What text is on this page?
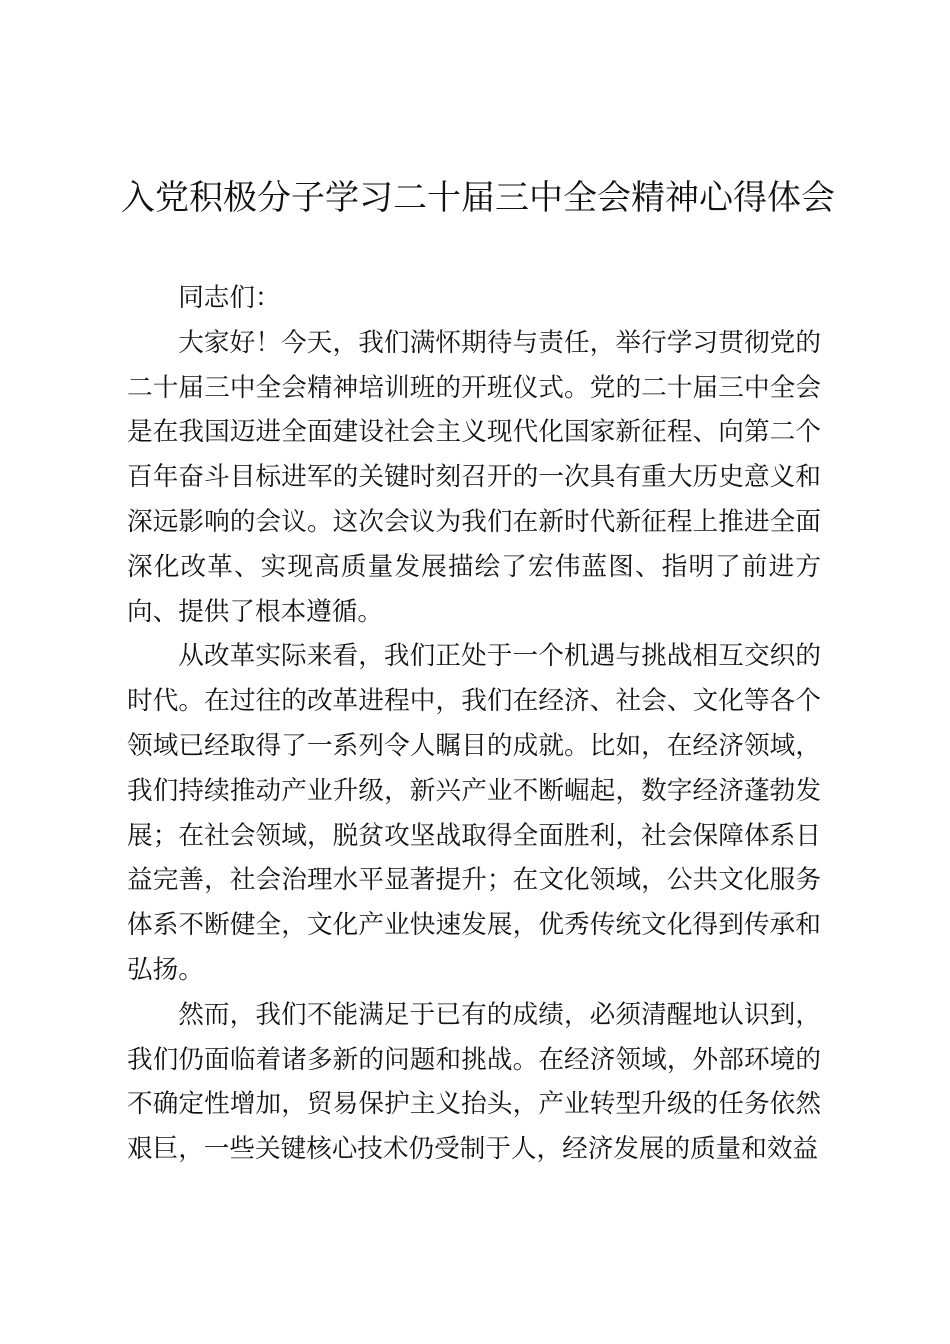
入党积极分子学习二十届三中全会精神心得体会

同志们：

大家好！今天，我们满怀期待与责任，举行学习贯彻党的二十届三中全会精神培训班的开班仪式。党的二十届三中全会是在我国迈进全面建设社会主义现代化国家新征程、向第二个百年奋斗目标进军的关键时刻召开的一次具有重大历史意义和深远影响的会议。这次会议为我们在新时代新征程上推进全面深化改革、实现高质量发展描绘了宏伟蓝图、指明了前进方向、提供了根本遵循。

从改革实际来看，我们正处于一个机遇与挑战相互交织的时代。在过往的改革进程中，我们在经济、社会、文化等各个领域已经取得了一系列令人瞩目的成就。比如，在经济领域，我们持续推动产业升级，新兴产业不断崛起，数字经济蓬勃发展；在社会领域，脱贫攻坚战取得全面胜利，社会保障体系日益完善，社会治理水平显著提升；在文化领域，公共文化服务体系不断健全，文化产业快速发展，优秀传统文化得到传承和弘扬。

然而，我们不能满足于已有的成绩，必须清醒地认识到，我们仍面临着诸多新的问题和挑战。在经济领域，外部环境的不确定性增加，贸易保护主义抬头，产业转型升级的任务依然艰巨，一些关键核心技术仍受制于人，经济发展的质量和效益
